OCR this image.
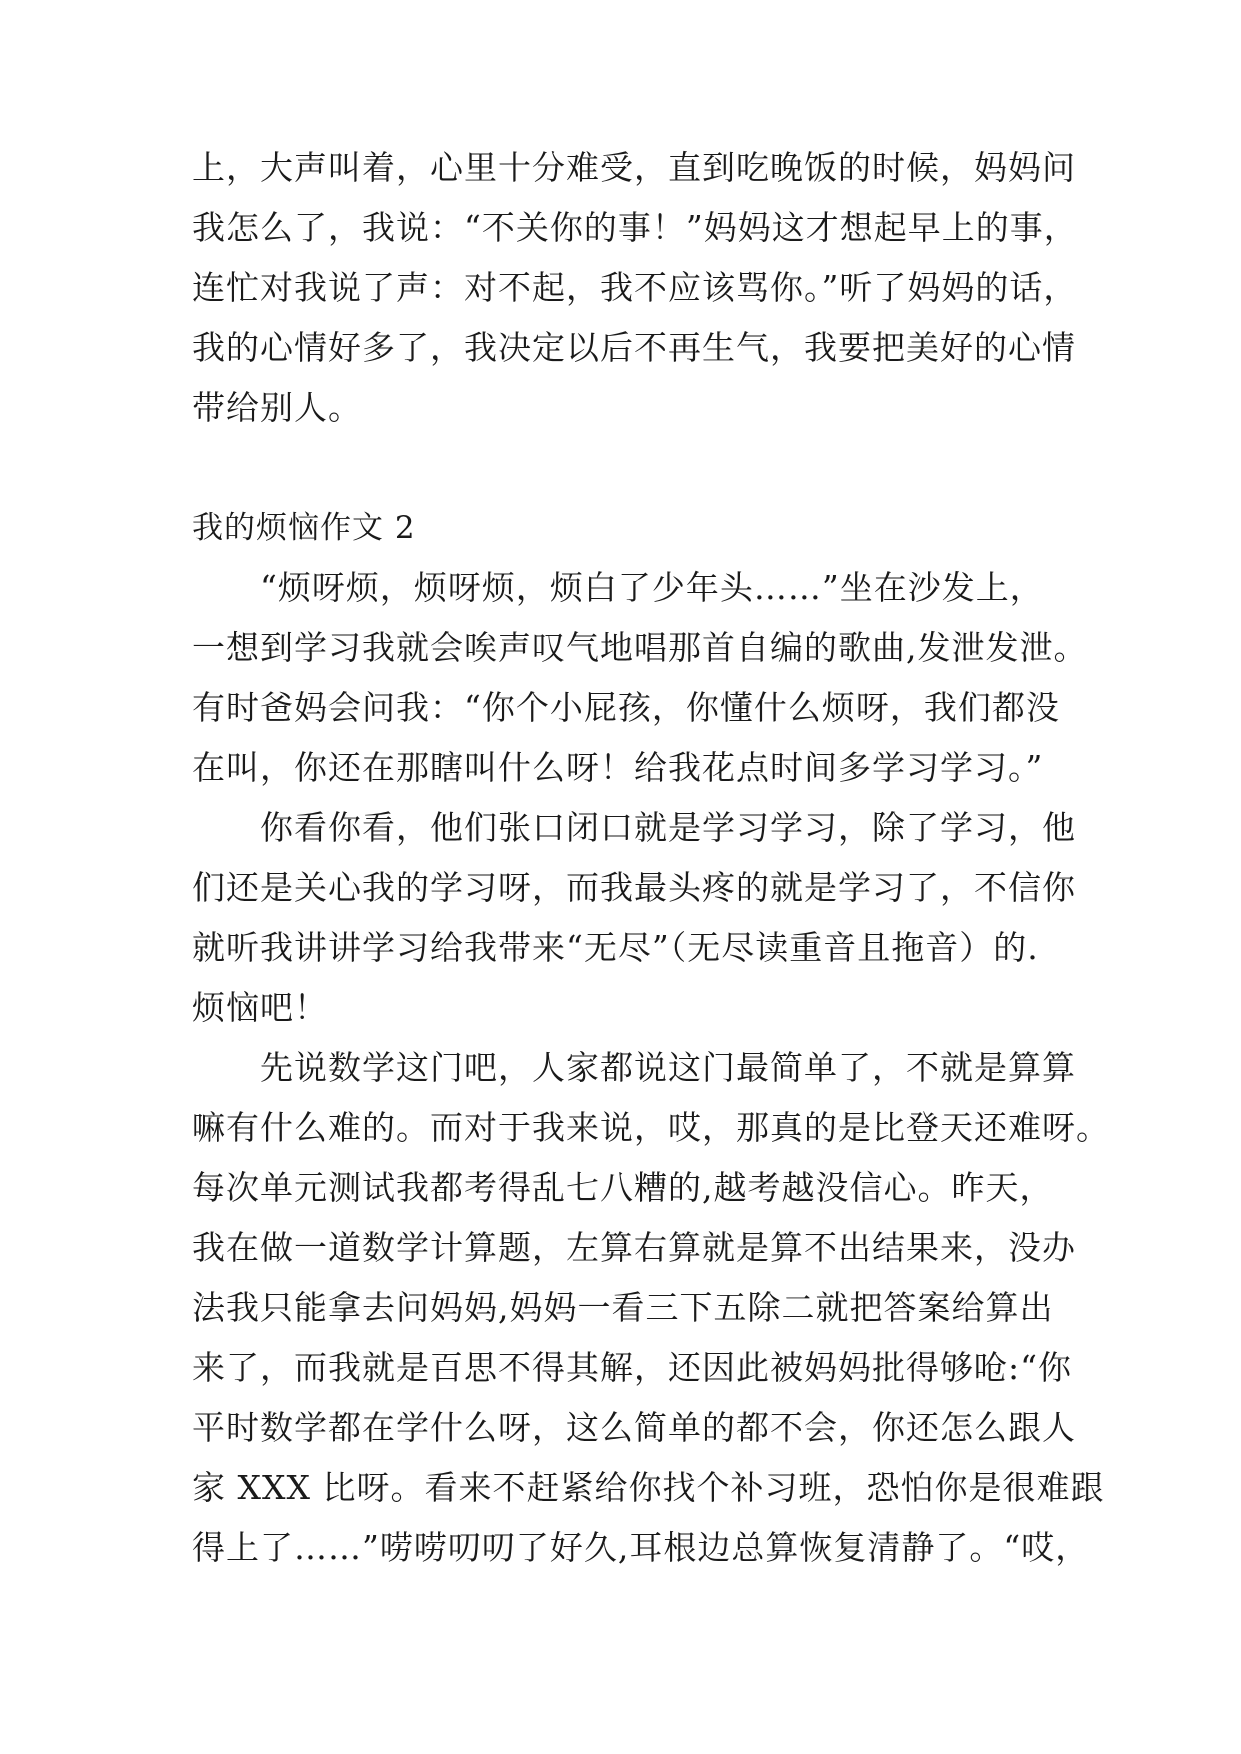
上，大声叫着，心里十分难受，直到吃晚饭的时候，妈妈问
我怎么了，我说：“不关你的事！”妈妈这才想起早上的事，
连忙对我说了声：对不起，我不应该骂你。”听了妈妈的话，
我的心情好多了，我决定以后不再生气，我要把美好的心情
带给别人。
我的烦恼作文 2
　　“烦呀烦，烦呀烦，烦白了少年头……”坐在沙发上，
一想到学习我就会唉声叹气地唱那首自编的歌曲,发泄发泄。
有时爸妈会问我：“你个小屁孩，你懂什么烦呀，我们都没
在叫，你还在那瞎叫什么呀！给我花点时间多学习学习。”
　　你看你看，他们张口闭口就是学习学习，除了学习，他
们还是关心我的学习呀，而我最头疼的就是学习了，不信你
就听我讲讲学习给我带来“无尽”（无尽读重音且拖音）的.
烦恼吧！
　　先说数学这门吧，人家都说这门最简单了，不就是算算
嘛有什么难的。而对于我来说，哎，那真的是比登天还难呀。
每次单元测试我都考得乱七八糟的,越考越没信心。昨天，
我在做一道数学计算题，左算右算就是算不出结果来，没办
法我只能拿去问妈妈,妈妈一看三下五除二就把答案给算出
来了，而我就是百思不得其解，还因此被妈妈批得够呛:“你
平时数学都在学什么呀，这么简单的都不会，你还怎么跟人
家 XXX 比呀。看来不赶紧给你找个补习班，恐怕你是很难跟
得上了……”唠唠叨叨了好久,耳根边总算恢复清静了。“哎，
